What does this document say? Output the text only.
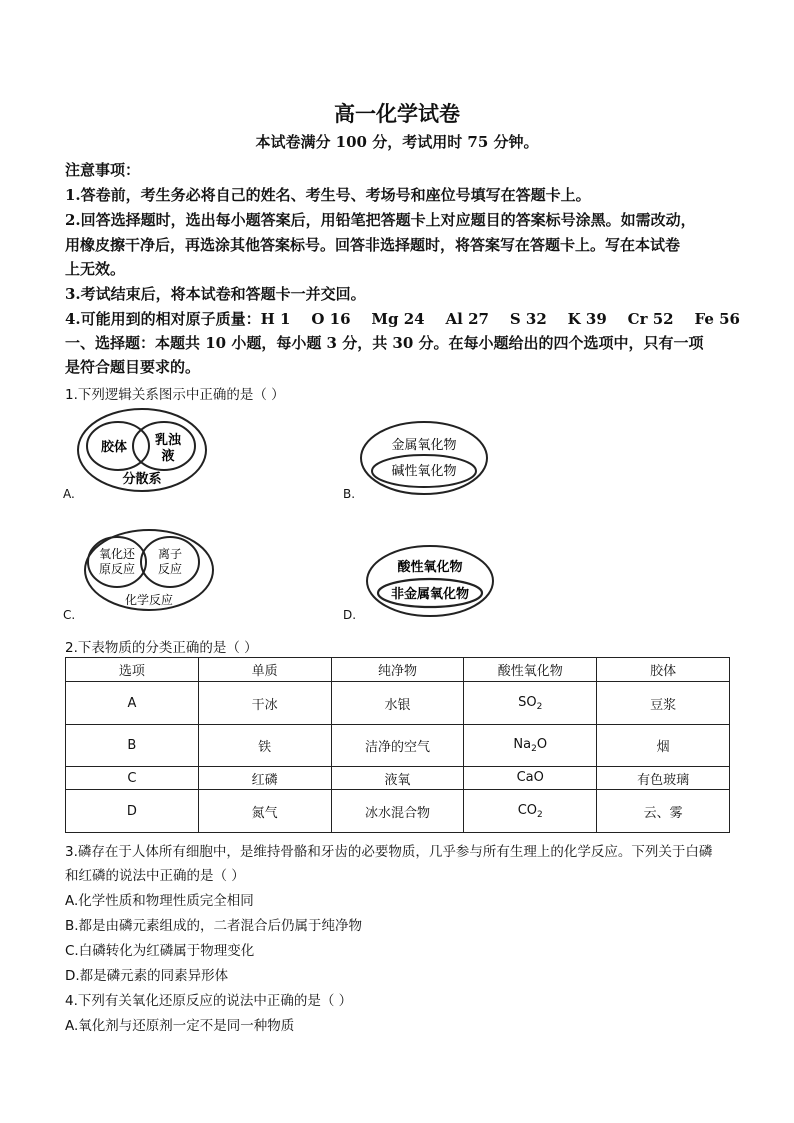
高一化学试卷
本试卷满分 100 分，考试用时 75 分钟。
注意事项：
1.答卷前，考生务必将自己的姓名、考生号、考场号和座位号填写在答题卡上。
2.回答选择题时，选出每小题答案后，用铅笔把答题卡上对应题目的答案标号涂黑。如需改动，
用橡皮擦干净后，再选涂其他答案标号。回答非选择题时，将答案写在答题卡上。写在本试卷
上无效。
3.考试结束后，将本试卷和答题卡一并交回。
4.可能用到的相对原子质量：H 1    O 16    Mg 24    Al 27    S 32    K 39    Cr 52    Fe 56
一、选择题：本题共 10 小题，每小题 3 分，共 30 分。在每小题给出的四个选项中，只有一项
是符合题目要求的。
1.下列逻辑关系图示中正确的是（ ）
胶体 乳浊
液
分散系
金属氧化物
碱性氧化物
氧化还
原反应
离子
反应
化学反应
酸性氧化物
非金属氧化物
A.	B.
C.	D.
2.下表物质的分类正确的是（ ）
选项	单质	纯净物	酸性氧化物	胶体
A	干冰	水银	$SO_2$	豆浆
B	铁	洁净的空气	$Na_2O$	烟
C	红磷	液氧	CaO	有色玻璃
D	氮气	冰水混合物	$CO_2$	云、雾
3.磷存在于人体所有细胞中，是维持骨骼和牙齿的必要物质，几乎参与所有生理上的化学反应。下列关于白磷
和红磷的说法中正确的是（ ）
A.化学性质和物理性质完全相同
B.都是由磷元素组成的，二者混合后仍属于纯净物
C.白磷转化为红磷属于物理变化
D.都是磷元素的同素异形体
4.下列有关氧化还原反应的说法中正确的是（ ）
A.氧化剂与还原剂一定不是同一种物质
